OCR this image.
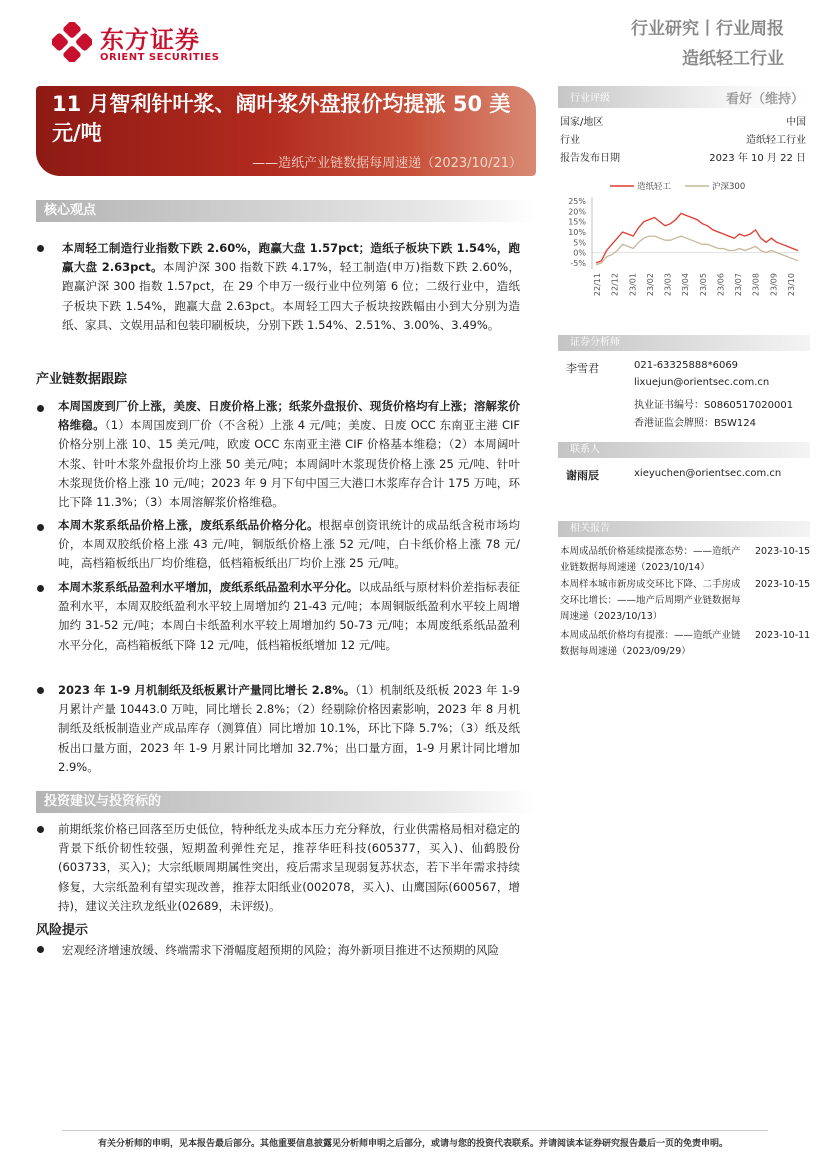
东方证券
ORIENT SECURITIES
行业研究丨行业周报
造纸轻工行业
11 月智利针叶浆、阔叶浆外盘报价均提涨 50 美元/吨
——造纸产业链数据每周速递（2023/10/21）
核心观点
本周轻工制造行业指数下跌 2.60%，跑赢大盘 1.57pct；造纸子板块下跌 1.54%，跑赢大盘 2.63pct。本周沪深 300 指数下跌 4.17%，轻工制造(申万)指数下跌 2.60%，跑赢沪深 300 指数 1.57pct，在 29 个申万一级行业中位列第 6 位；二级行业中，造纸子板块下跌 1.54%，跑赢大盘 2.63pct。本周轻工四大子板块按跌幅由小到大分别为造纸、家具、文娱用品和包装印刷板块，分别下跌 1.54%、2.51%、3.00%、3.49%。
产业链数据跟踪
本周国废到厂价上涨，美废、日废价格上涨；纸浆外盘报价、现货价格均有上涨；溶解浆价格维稳。（1）本周国废到厂价（不含税）上涨 4 元/吨；美废、日废 OCC 东南亚主港 CIF 价格分别上涨 10、15 美元/吨，欧废 OCC 东南亚主港 CIF 价格基本维稳；（2）本周阔叶木浆、针叶木浆外盘报价均上涨 50 美元/吨；本周阔叶木浆现货价格上涨 25 元/吨、针叶木浆现货价格上涨 10 元/吨；2023 年 9 月下旬中国三大港口木浆库存合计 175 万吨，环比下降 11.3%；（3）本周溶解浆价格维稳。
本周木浆系纸品价格上涨，废纸系纸品价格分化。根据卓创资讯统计的成品纸含税市场均价，本周双胶纸价格上涨 43 元/吨，铜版纸价格上涨 52 元/吨，白卡纸价格上涨 78 元/吨，高档箱板纸出厂均价维稳，低档箱板纸出厂均价上涨 25 元/吨。
本周木浆系纸品盈利水平增加，废纸系纸品盈利水平分化。以成品纸与原材料价差指标表征盈利水平，本周双胶纸盈利水平较上周增加约 21-43 元/吨；本周铜版纸盈利水平较上周增加约 31-52 元/吨；本周白卡纸盈利水平较上周增加约 50-73 元/吨；本周废纸系纸品盈利水平分化，高档箱板纸下降 12 元/吨，低档箱板纸增加 12 元/吨。
2023 年 1-9 月机制纸及纸板累计产量同比增长 2.8%。（1）机制纸及纸板 2023 年 1-9 月累计产量 10443.0 万吨，同比增长 2.8%；（2）经剔除价格因素影响，2023 年 8 月机制纸及纸板制造业产成品库存（测算值）同比增加 10.1%，环比下降 5.7%；（3）纸及纸板出口量方面，2023 年 1-9 月累计同比增加 32.7%；出口量方面，1-9 月累计同比增加 2.9%。
投资建议与投资标的
前期纸浆价格已回落至历史低位，特种纸龙头成本压力充分释放，行业供需格局相对稳定的背景下纸价韧性较强，短期盈利弹性充足，推荐华旺科技(605377，买入)、仙鹤股份(603733，买入)；大宗纸顺周期属性突出，疫后需求呈现弱复苏状态，若下半年需求持续修复，大宗纸盈利有望实现改善，推荐太阳纸业(002078，买入)、山鹰国际(600567，增持)，建议关注玖龙纸业(02689，未评级)。
风险提示
宏观经济增速放缓、终端需求下滑幅度超预期的风险；海外新项目推进不达预期的风险
行业评级	看好（维持）
国家/地区	中国
行业	造纸轻工行业
报告发布日期	2023 年 10 月 22 日
造纸轻工	沪深300
25%
20%
15%
10%
5%
0%
-5%
22/11 22/12 23/01 23/02 23/03 23/04 23/05 23/06 23/07 23/08 23/09 23/10
证券分析师
李雪君	021-63325888*6069
lixuejun@orientsec.com.cn
执业证书编号：S0860517020001
香港证监会牌照：BSW124
联系人
谢雨辰	xieyuchen@orientsec.com.cn
相关报告
本周成品纸价格延续提涨态势：——造纸产业链数据每周速递（2023/10/14）
2023-10-15
本周样本城市新房成交环比下降、二手房成交环比增长：——地产后周期产业链数据每周速递（2023/10/13）
2023-10-15
本周成品纸价格均有提涨：——造纸产业链数据每周速递（2023/09/29）
2023-10-11
有关分析师的申明，见本报告最后部分。其他重要信息披露见分析师申明之后部分，或请与您的投资代表联系。并请阅读本证券研究报告最后一页的免责申明。
